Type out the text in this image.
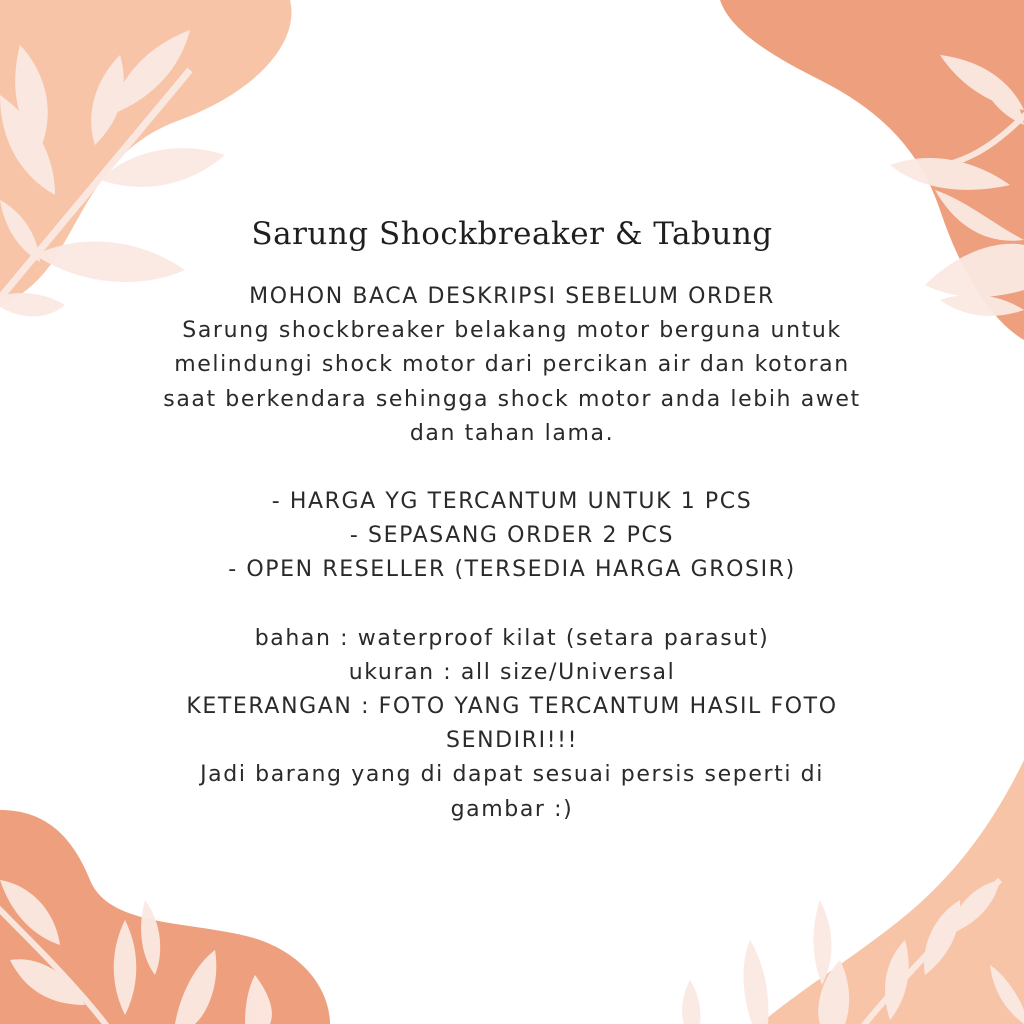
Sarung Shockbreaker & Tabung

MOHON BACA DESKRIPSI SEBELUM ORDER
Sarung shockbreaker belakang motor berguna untuk
melindungi shock motor dari percikan air dan kotoran
saat berkendara sehingga shock motor anda lebih awet
dan tahan lama.

- HARGA YG TERCANTUM UNTUK 1 PCS
- SEPASANG ORDER 2 PCS
- OPEN RESELLER (TERSEDIA HARGA GROSIR)

bahan : waterproof kilat (setara parasut)
ukuran : all size/Universal
KETERANGAN : FOTO YANG TERCANTUM HASIL FOTO
SENDIRI!!!
Jadi barang yang di dapat sesuai persis seperti di
gambar :)
